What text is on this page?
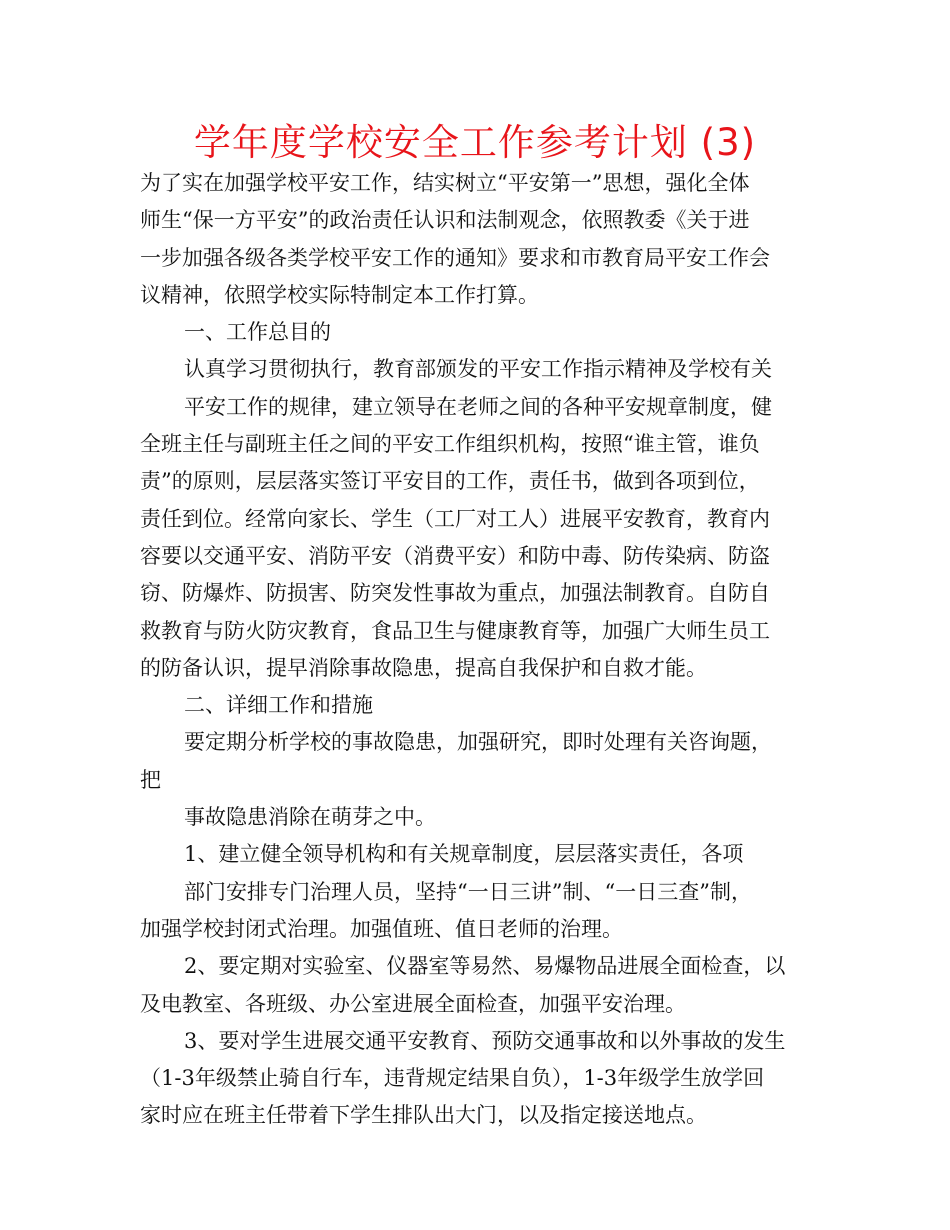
学年度学校安全工作参考计划 (3)
为了实在加强学校平安工作，结实树立“平安第一”思想，强化全体
师生“保一方平安”的政治责任认识和法制观念，依照教委《关于进
一步加强各级各类学校平安工作的通知》要求和市教育局平安工作会
议精神，依照学校实际特制定本工作打算。
一、工作总目的
认真学习贯彻执行，教育部颁发的平安工作指示精神及学校有关
平安工作的规律，建立领导在老师之间的各种平安规章制度，健
全班主任与副班主任之间的平安工作组织机构，按照“谁主管，谁负
责”的原则，层层落实签订平安目的工作，责任书，做到各项到位，
责任到位。经常向家长、学生（工厂对工人）进展平安教育，教育内
容要以交通平安、消防平安（消费平安）和防中毒、防传染病、防盗
窃、防爆炸、防损害、防突发性事故为重点，加强法制教育。自防自
救教育与防火防灾教育，食品卫生与健康教育等，加强广大师生员工
的防备认识，提早消除事故隐患，提高自我保护和自救才能。
二、详细工作和措施
要定期分析学校的事故隐患，加强研究，即时处理有关咨询题，
把
事故隐患消除在萌芽之中。
1、建立健全领导机构和有关规章制度，层层落实责任，各项
部门安排专门治理人员，坚持“一日三讲”制、“一日三查”制，
加强学校封闭式治理。加强值班、值日老师的治理。
2、要定期对实验室、仪器室等易然、易爆物品进展全面检查，以
及电教室、各班级、办公室进展全面检查，加强平安治理。
3、要对学生进展交通平安教育、预防交通事故和以外事故的发生
（1-3年级禁止骑自行车，违背规定结果自负），1-3年级学生放学回
家时应在班主任带着下学生排队出大门，以及指定接送地点。
